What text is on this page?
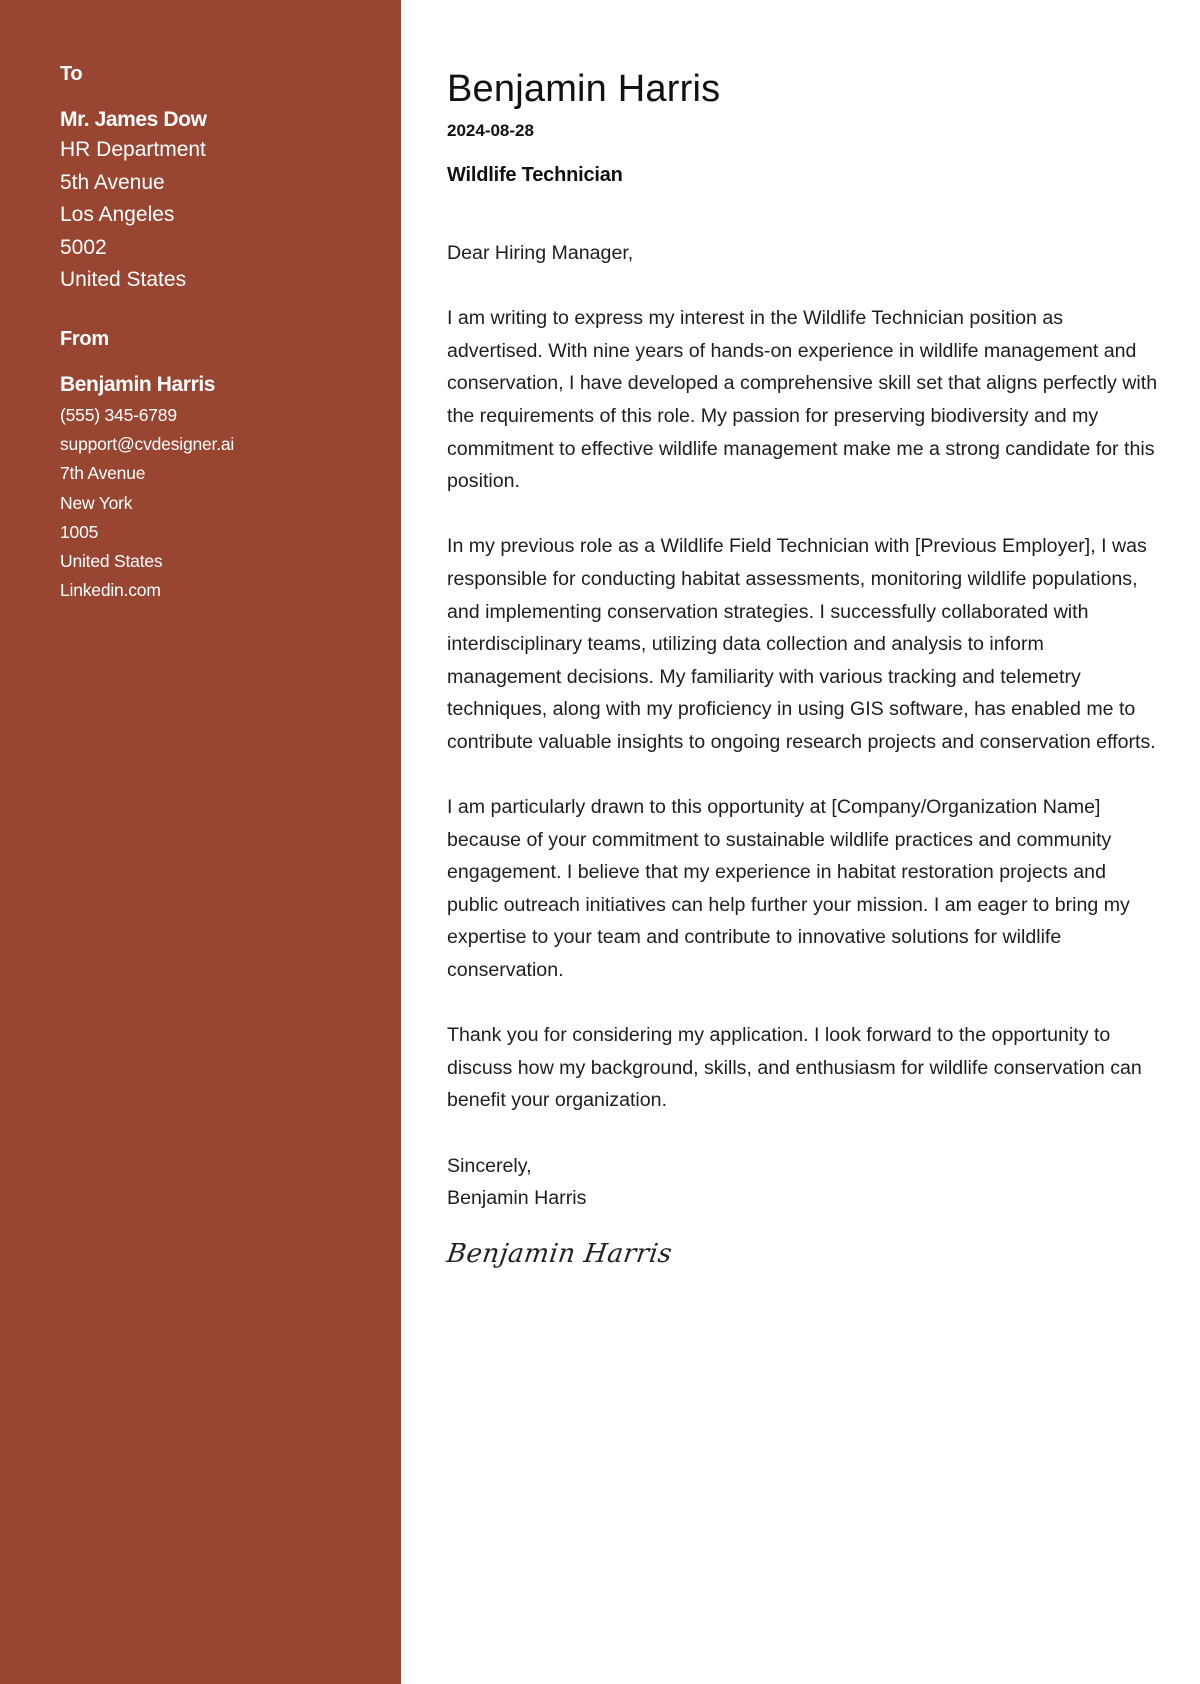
To
Mr. James Dow
HR Department
5th Avenue
Los Angeles
5002
United States
From
Benjamin Harris
(555) 345-6789
support@cvdesigner.ai
7th Avenue
New York
1005
United States
Linkedin.com
Benjamin Harris
2024-08-28
Wildlife Technician

Dear Hiring Manager,

I am writing to express my interest in the Wildlife Technician position as advertised. With nine years of hands-on experience in wildlife management and conservation, I have developed a comprehensive skill set that aligns perfectly with the requirements of this role. My passion for preserving biodiversity and my commitment to effective wildlife management make me a strong candidate for this position.

In my previous role as a Wildlife Field Technician with [Previous Employer], I was responsible for conducting habitat assessments, monitoring wildlife populations, and implementing conservation strategies. I successfully collaborated with interdisciplinary teams, utilizing data collection and analysis to inform management decisions. My familiarity with various tracking and telemetry techniques, along with my proficiency in using GIS software, has enabled me to contribute valuable insights to ongoing research projects and conservation efforts.

I am particularly drawn to this opportunity at [Company/Organization Name] because of your commitment to sustainable wildlife practices and community engagement. I believe that my experience in habitat restoration projects and public outreach initiatives can help further your mission. I am eager to bring my expertise to your team and contribute to innovative solutions for wildlife conservation.

Thank you for considering my application. I look forward to the opportunity to discuss how my background, skills, and enthusiasm for wildlife conservation can benefit your organization.

Sincerely,
Benjamin Harris
Benjamin Harris
